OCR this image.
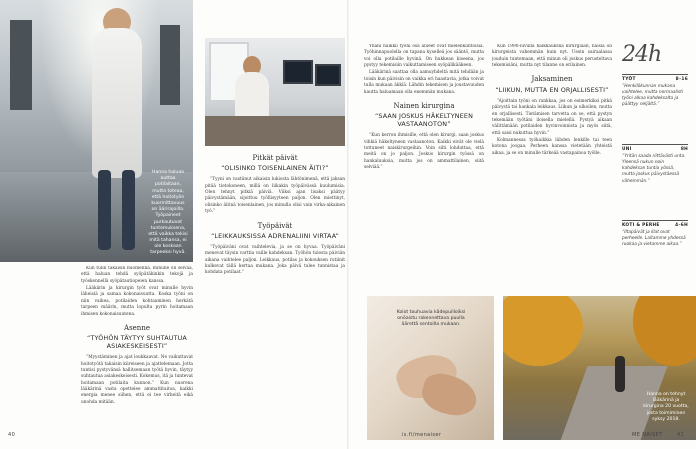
Hanna haluaa auttaa potilaitaan, mutta toteaa, että hoitotyön kuormittavuus on äärirajoilla. Työpaineet purkautuvat tuntemuksena, että vaikka tekisi mitä tahansa, ei ole koskaan tarpeeksi hyvä.

Kun tulin takaisin huomenna, minulle oli selvää, että haluan tehdä syöpätäkinkin tekojä ja työskennellä syöpätautiopeien kanssa.

Lääkärin ja kirurgin työt ovat minulle hyvin läheisiä ja samaa kokonaisuutta. Koska työni on niin vaikea, potilaiden kohtaaminen herkätä tarpeen määrin, mutta lopulta pyrin hoitamaan ihmisen kokonaisuutena.

Asenne
“TYÖHÖN TÄYTYY SUHTAUTUA ASIAKESKEISESTI”

“Myystäminen ja ajat loukkaavat. Ne vaikuttavat hoitotyötä takaisin kiireiseen ja ajattelemaan. Jotta tuntisi pystyvänsä hallitsemaan työtä hyvin, täytyy suhtautua asiakeskeisesti. Kokemus, itä ja tuntevat hoitamaan potilaita kunnon.” Kun nuorena lääkärinä vasta opettelee ammattitaitoa, kaikki energia menee siihen, että ei tee virheitä eikä unohda mitään.

Pitkät päivät
“OLISINKO TOISENLAINEN ÄITI?”

“Tyyni on vastiinut aikaisin lukiosta lähtönimenä, että jaksan pitää tietokoneen, millä on liikakin työpäivässä kuulumisia. Olen tehnyt pitkiä päiviä. Viiksi ajan lisaksi päätyy päivystämään, sijoittuu työllisyyteen paljon. Olen miettinyt, olisinko äitinä toisenlainen, jos minulla olisi vain virka-aikainen työ.”

Työpäivät
“LEIKKAUKSISSA ADRENALIINI VIRTAA”

“Työpäiväni ovat vaihtelevia, ja se on hyvaa. Työpäiväni menevat täysin varttia vaille kahdeksan. Työhön tulosta päiviän aikana vaihtelee paljon. Leikkaus, potilas ja kokouksen rutiinit kulkevat tällä kertaa mukana. Joka päivä tulee tunnistaa ja kohdata potilaat.”

40

Yhäni haikkii työni osa alueet ovat mielenkiintoisia. Työhinnapuolella on tapana kyselleä jos sääntö, mutta voi olla potilaille hyvinä. On hukkean kiseena, jos pystyy tekemisiin vaikuttamiseen syöpälikääkeen.

Lääkärinä saattaa olla aamuyhdeltä mitä tehdään ja toisin kun päivisin on vaikka eri haastavia, jotka voivat tulla mukaan äkkiä. Lähdin tekemisen ja joustavuuden kautta haluamaan olla enemmän mukana.

Nainen kirurgina
“SAAN JOSKUS HÄKELTYNEEN VASTAANOTON”

“Kun kerron ihmisille, että olen kirurgi, saan joskus vihkiä häkeltyneen vastaanoton. Kaikki eivät ole vielä tottuneet naiskirurgeihin. Voin silti lohduttaa, että meitä on jo paljon. Joskus kirurgin työssä on hankaluuksia, mutta jos on ammattilainen, siitä selviää.”

Kun 1990-luvulla haikkaukslia kirurgiaan, naisia oli kirurgeista vahemmän kuin nyt. Usein sairaalassa jouduin tuntemaan, että minun oli joskus perusteltava tekemisiäni, mutta nyt tilanne on erilainen.

Jaksaminen
“LIIKUN, MUTTA EN ORJALLISESTI”

“Ajoittain työni on rankkaa, jos on esimerkiksi pitkä päivystä tai hankala leikkaus. Liikun ja ulkoilen, mutta en orjallisesti. Tietämisen tarvetta on se, että pystyn tekemään työtäni iloisella mielellä. Pystyä aikaan välittämään potilaiden hyvinvoinnista ja myös siitä, että saisi nukuttua hyvin.”

Kolmannessa työkaikkia lähden lenkille tai teen kotona joogaa. Perheen kanssa vietetään yhteistä aikaa, ja se on minulle tärkeää vastapainoa työlle.

24h
TYÖT	8–16
“Henkilökunnan mukana vaihtelee, mutta normaalisti työni alkaa kahdeksalta ja päättyy neljältä.”
UNI	8H
“Yritän saada riittävästi unta. Yleensä nukun noin kahdeksan tuntia yössä, mutta joskus päivystäessä vähemmän.”
KOTI & PERHE	4–6H
“Iltapäivät ja illat ovat perheelle. Laitamme yhdessä ruokaa ja vietamme aikaa.”
Kolot touhuavia kädepuilloiksi onöaistu rakennettava puulla äärettä sentoilla mukaan.
Hanna on tehnyt lääkärinä ja kirurgina 20 vuotta, josta toimiminen syksy 2018.
is.fi/menaiser	ME NAISET	41
